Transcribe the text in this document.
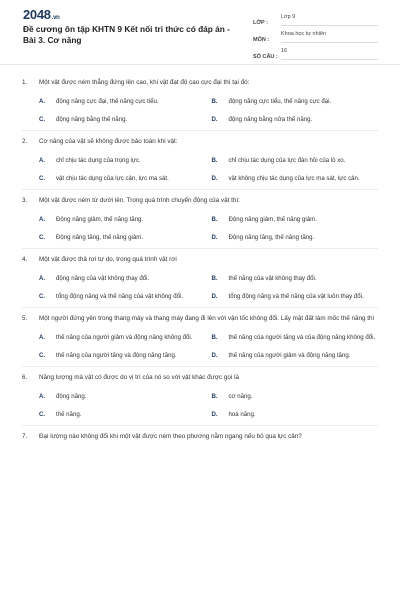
2048.vn
Đề cương ôn tập KHTN 9 Kết nối tri thức có đáp án - Bài 3. Cơ năng
LỚP :
Lớp 9
MÔN :
Khoa học tự nhiên
SỐ CÂU :
16
1.	Một vật được ném thẳng đứng lên cao, khi vật đạt độ cao cực đại thì tại đó:
A.	động năng cực đại, thế năng cực tiểu.	B.	động năng cực tiểu, thế năng cực đại.
C.	động năng bằng thế năng.	D.	động năng bằng nửa thế năng.
2.	Cơ năng của vật sẽ không được bảo toàn khi vật:
A.	chỉ chịu tác dụng của trọng lực.	B.	chỉ chịu tác dụng của lực đàn hồi của lò xo.
C.	vật chịu tác dụng của lực cản, lực ma sát.	D.	vật không chịu tác dụng của lực ma sát, lực cản.
3.	Một vật được ném từ dưới lên. Trong quá trình chuyển động của vật thì:
A.	Động năng giảm, thế năng tăng.	B.	Động năng giảm, thế năng giảm.
C.	Động năng tăng, thế năng giảm.	D.	Động năng tăng, thế năng tăng.
4.	Một vật được thả rơi tự do, trong quá trình vật rơi
A.	động năng của vật không thay đổi.	B.	thế năng của vật không thay đổi.
C.	tổng động năng và thế năng của vật không đổi.	D.	tổng động năng và thế năng của vật luôn thay đổi.
5.	Một người đứng yên trong thang máy và thang máy đang đi lên với vận tốc không đổi. Lấy mặt đất làm mốc thế năng thì
A.	thế năng của người giảm và động năng không đổi.	B.	thế năng của người tăng và của động năng không đổi.
C.	thế năng của người tăng và động năng tăng.	D.	thế năng của người giảm và động năng tăng.
6.	Năng lượng mà vật có được do vị trí của nó so với vật khác được gọi là
A.	động năng.	B.	cơ năng.
C.	thế năng.	D.	hoá năng.
7.	Đại lượng nào không đổi khi một vật được ném theo phương nằm ngang nếu bỏ qua lực cản?
